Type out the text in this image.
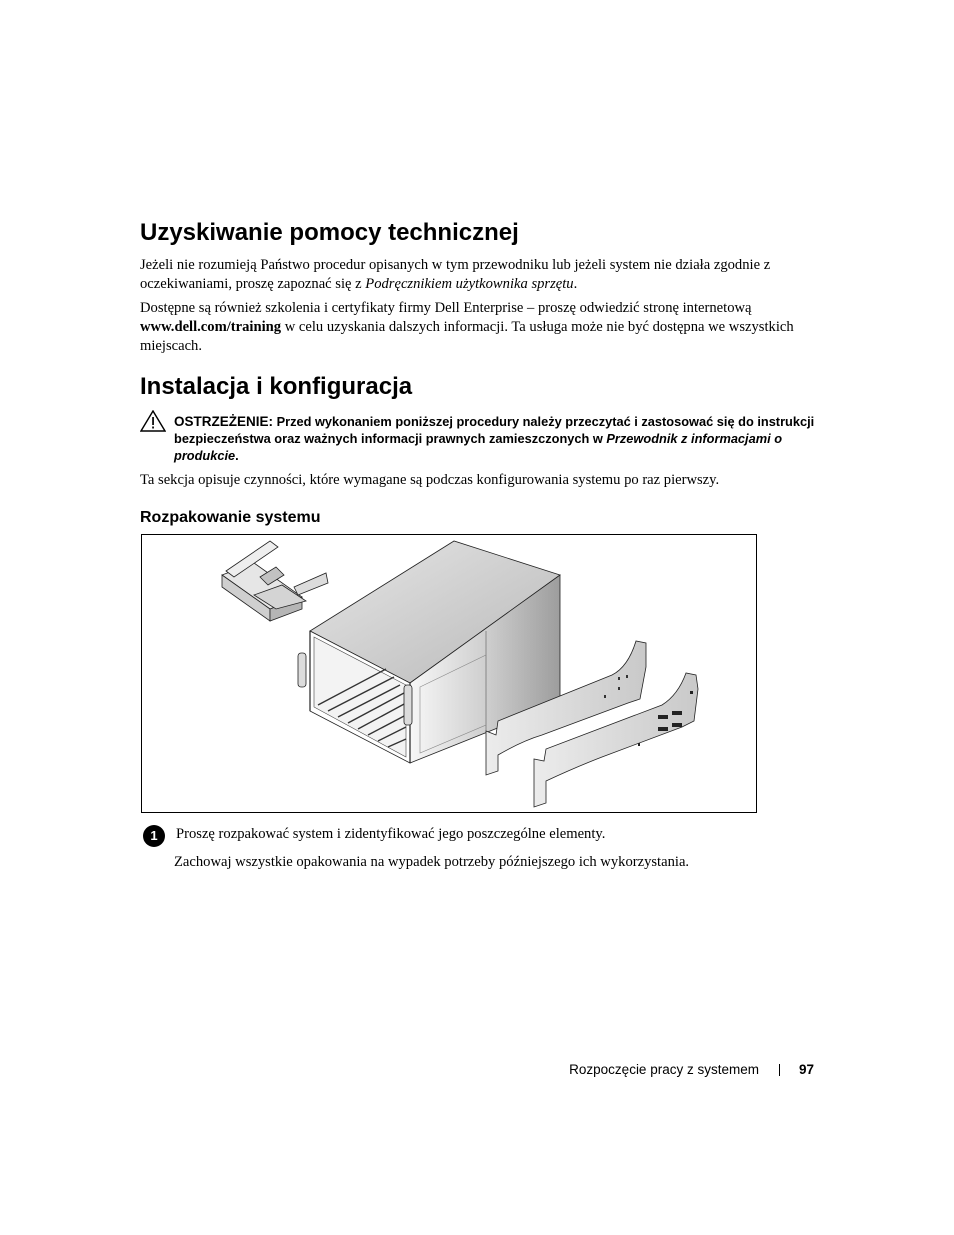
Uzyskiwanie pomocy technicznej

Jeżeli nie rozumieją Państwo procedur opisanych w tym przewodniku lub jeżeli system nie działa zgodnie z oczekiwaniami, proszę zapoznać się z Podręcznikiem użytkownika sprzętu.

Dostępne są również szkolenia i certyfikaty firmy Dell Enterprise – proszę odwiedzić stronę internetową www.dell.com/training w celu uzyskania dalszych informacji. Ta usługa może nie być dostępna we wszystkich miejscach.

Instalacja i konfiguracja
OSTRZEŻENIE: Przed wykonaniem poniższej procedury należy przeczytać i zastosować się do instrukcji bezpieczeństwa oraz ważnych informacji prawnych zamieszczonych w Przewodnik z informacjami o produkcie.

Ta sekcja opisuje czynności, które wymagane są podczas konfigurowania systemu po raz pierwszy.

Rozpakowanie systemu
1	Proszę rozpakować system i zidentyfikować jego poszczególne elementy.
Zachowaj wszystkie opakowania na wypadek potrzeby późniejszego ich wykorzystania.
Rozpoczęcie pracy z systemem	97
